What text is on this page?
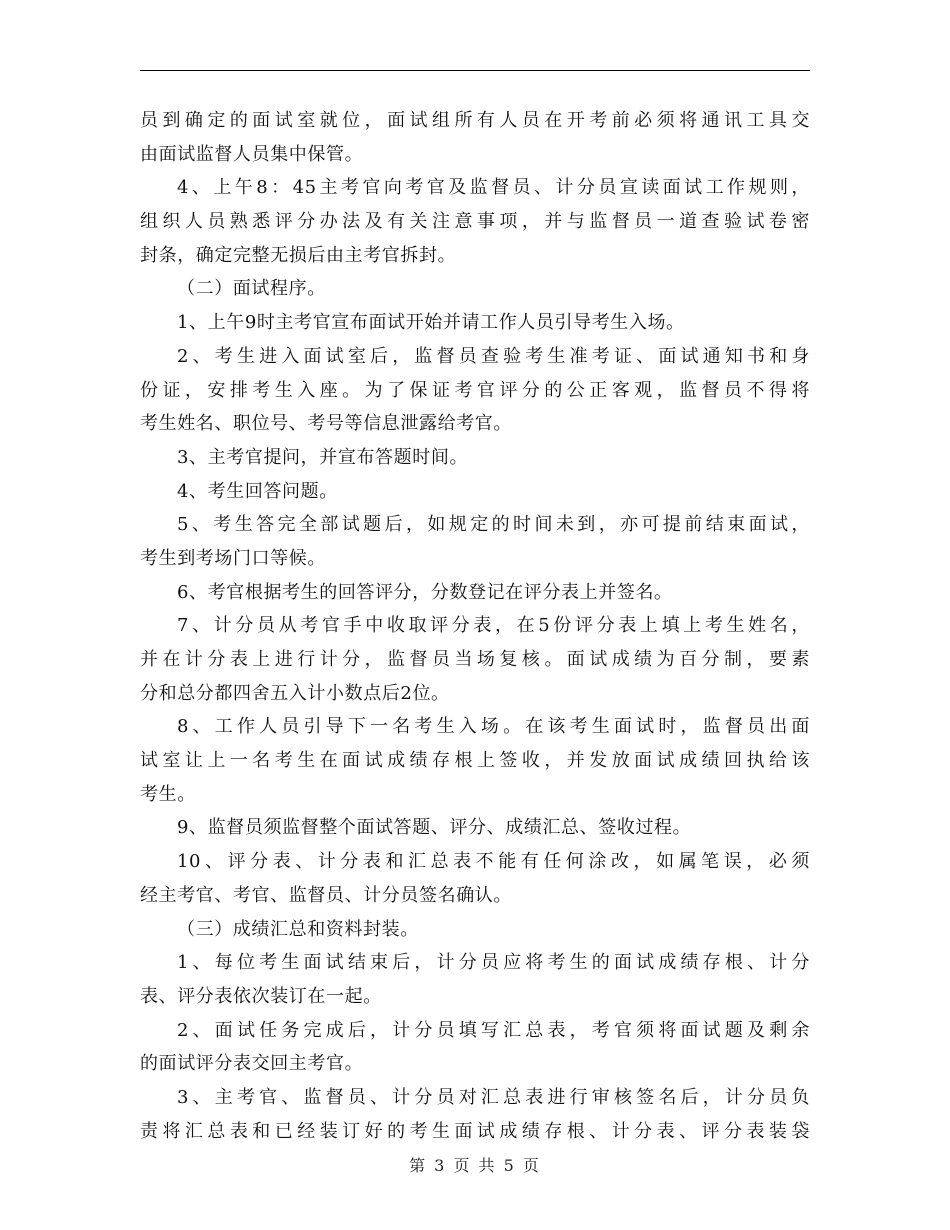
员到确定的面试室就位，面试组所有人员在开考前必须将通讯工具交
由面试监督人员集中保管。
4、上午8：45主考官向考官及监督员、计分员宣读面试工作规则，
组织人员熟悉评分办法及有关注意事项，并与监督员一道查验试卷密
封条，确定完整无损后由主考官拆封。
（二）面试程序。
1、上午9时主考官宣布面试开始并请工作人员引导考生入场。
2、考生进入面试室后，监督员查验考生准考证、面试通知书和身
份证，安排考生入座。为了保证考官评分的公正客观，监督员不得将
考生姓名、职位号、考号等信息泄露给考官。
3、主考官提问，并宣布答题时间。
4、考生回答问题。
5、考生答完全部试题后，如规定的时间未到，亦可提前结束面试，
考生到考场门口等候。
6、考官根据考生的回答评分，分数登记在评分表上并签名。
7、计分员从考官手中收取评分表，在5份评分表上填上考生姓名，
并在计分表上进行计分，监督员当场复核。面试成绩为百分制，要素
分和总分都四舍五入计小数点后2位。
8、工作人员引导下一名考生入场。在该考生面试时，监督员出面
试室让上一名考生在面试成绩存根上签收，并发放面试成绩回执给该
考生。
9、监督员须监督整个面试答题、评分、成绩汇总、签收过程。
10、评分表、计分表和汇总表不能有任何涂改，如属笔误，必须
经主考官、考官、监督员、计分员签名确认。
（三）成绩汇总和资料封装。
1、每位考生面试结束后，计分员应将考生的面试成绩存根、计分
表、评分表依次装订在一起。
2、面试任务完成后，计分员填写汇总表，考官须将面试题及剩余
的面试评分表交回主考官。
3、主考官、监督员、计分员对汇总表进行审核签名后，计分员负
责将汇总表和已经装订好的考生面试成绩存根、计分表、评分表装袋
第 3 页 共 5 页
